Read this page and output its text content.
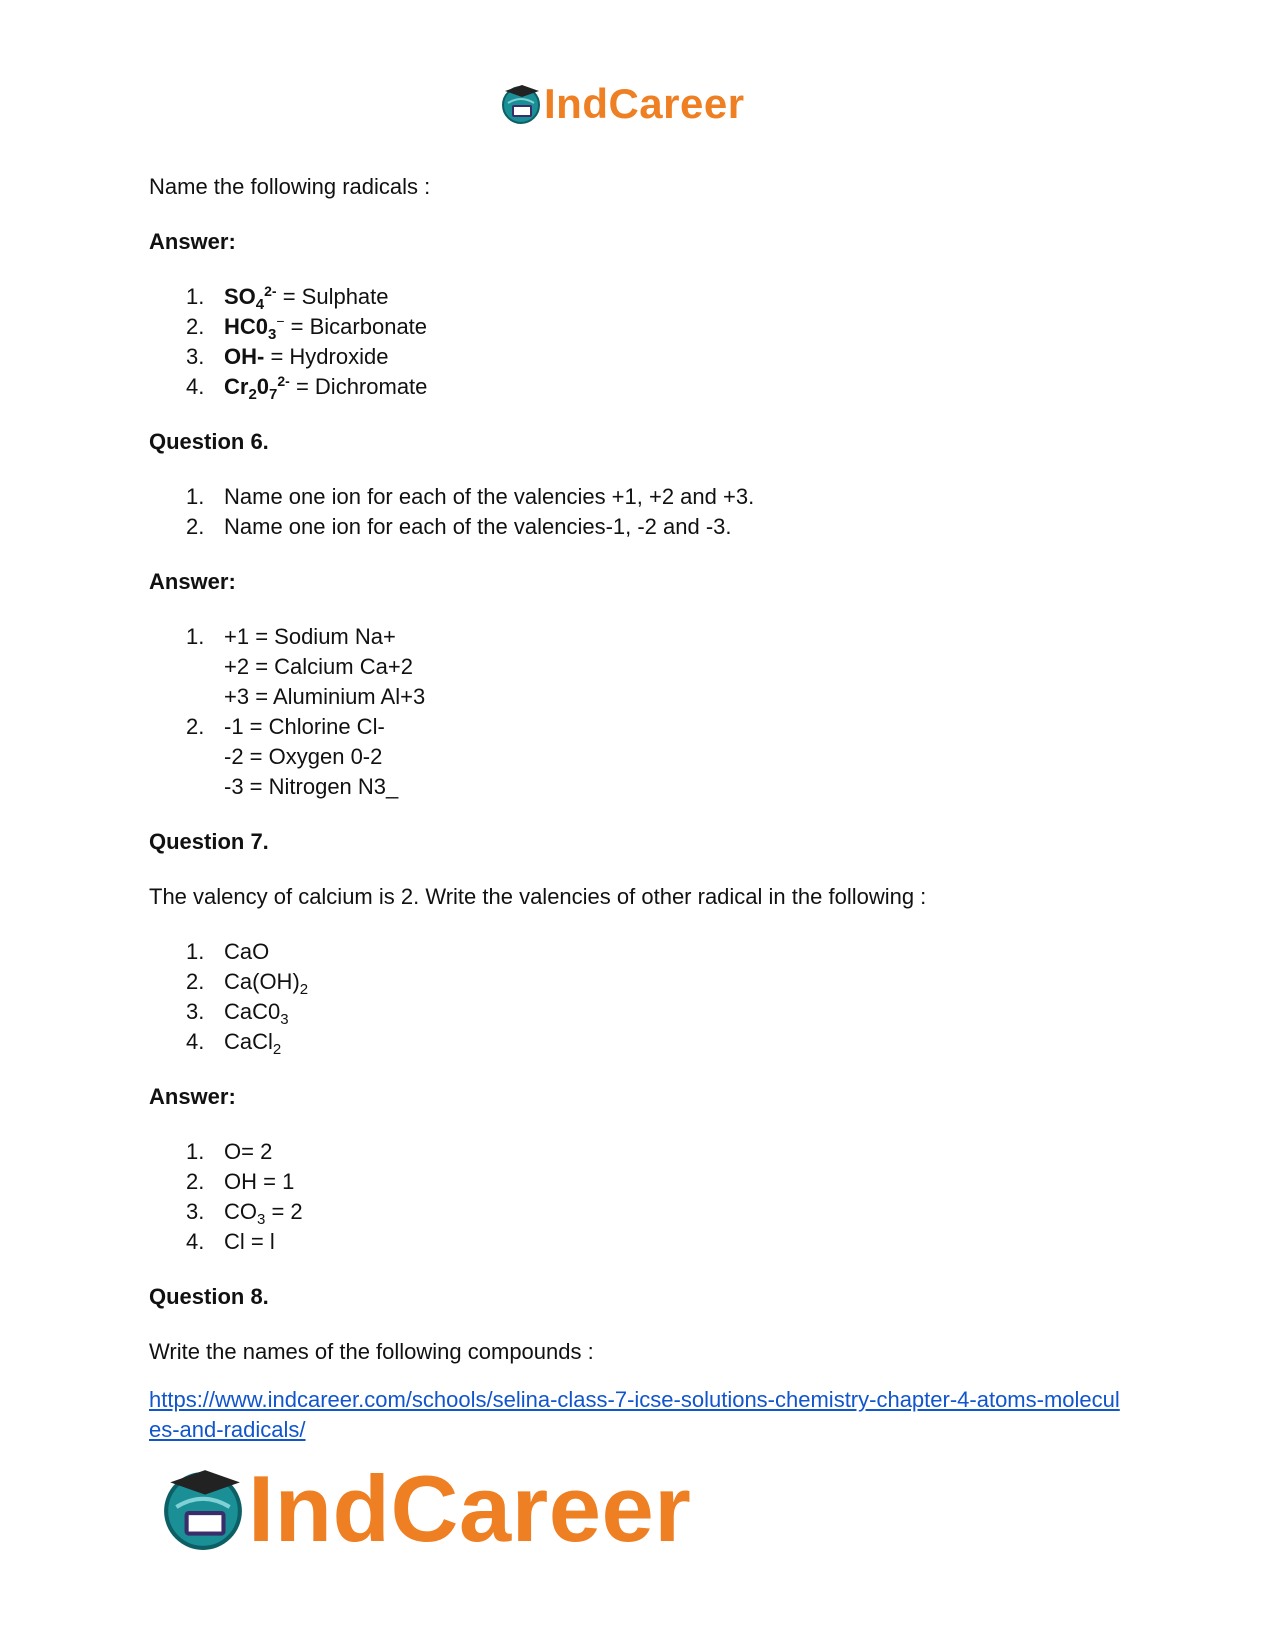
IndCareer

Name the following radicals :

Answer:

1. $SO_4^{2-}$ = Sulphate
2. $HC0_3^-$ = Bicarbonate
3. OH- = Hydroxide
4. $Cr_20_7^{2-}$ = Dichromate

Question 6.

1. Name one ion for each of the valencies +1, +2 and +3.
2. Name one ion for each of the valencies-1, -2 and -3.

Answer:

1. +1 = Sodium Na+
+2 = Calcium Ca+2
+3 = Aluminium Al+3
2. -1 = Chlorine Cl-
-2 = Oxygen 0-2
-3 = Nitrogen N3_

Question 7.

The valency of calcium is 2. Write the valencies of other radical in the following :

1. CaO
2. $Ca(OH)_2$
3. $CaC0_3$
4. CaCl$_2$

Answer:

1. O= 2
2. OH = 1
3. $CO_3 = 2$
4. Cl = l

Question 8.

Write the names of the following compounds :

https://www.indcareer.com/schools/selina-class-7-icse-solutions-chemistry-chapter-4-atoms-molecules-and-radicals/

IndCareer
